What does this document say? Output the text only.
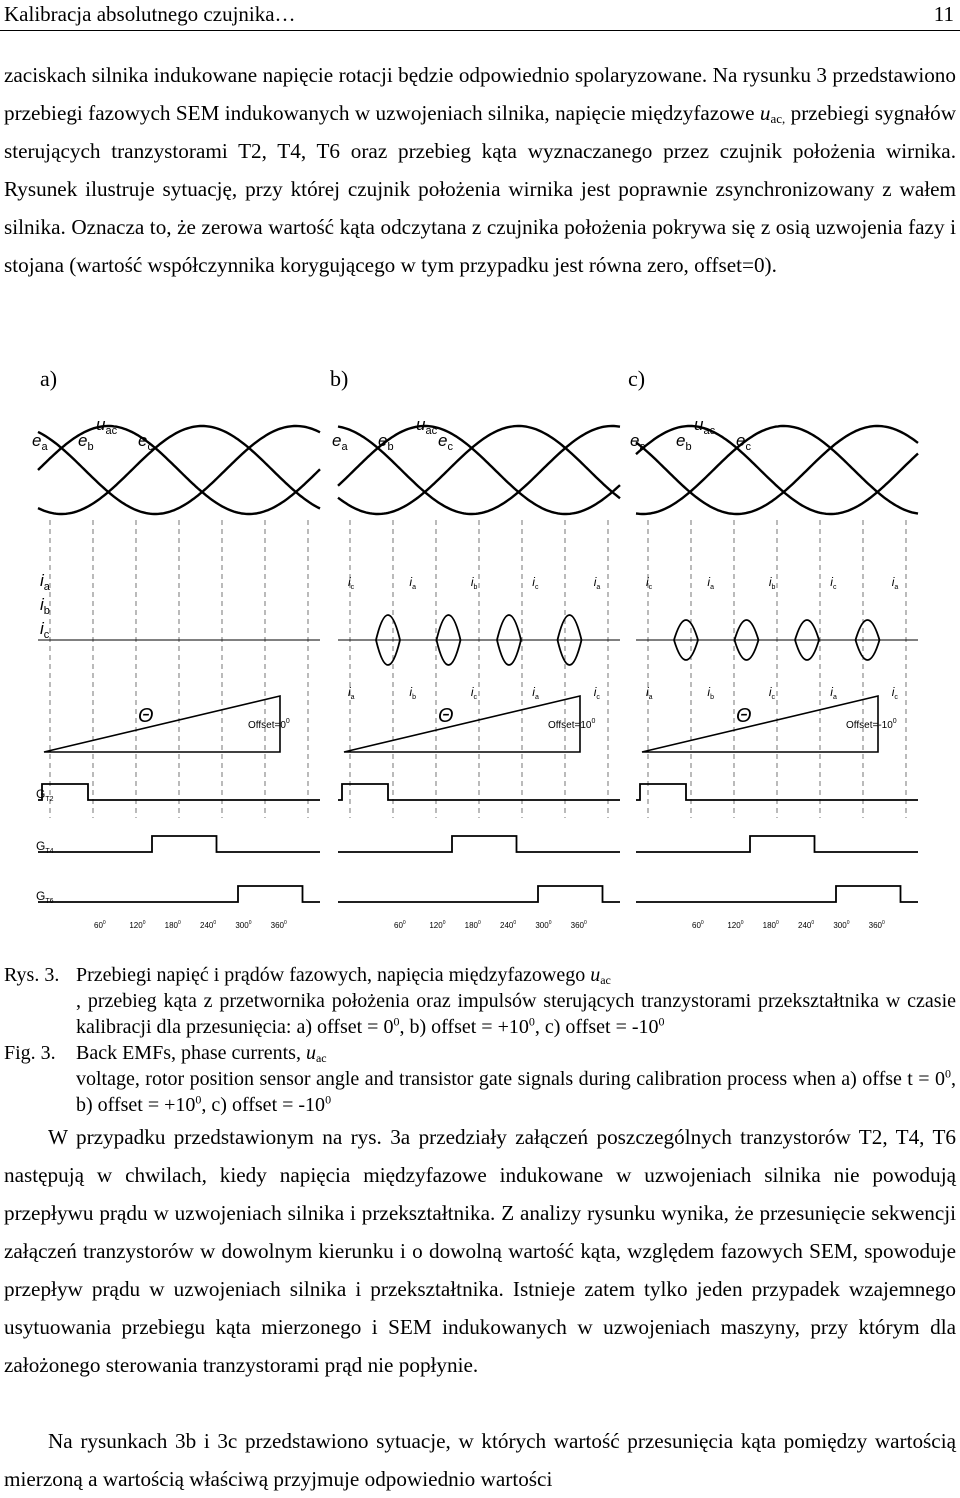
Kalibracja absolutnego czujnika…	11

zaciskach silnika indukowane napięcie rotacji będzie odpowiednio spolaryzowane. Na rysunku 3 przedstawiono przebiegi fazowych SEM indukowanych w uzwojeniach silnika, napięcie międzyfazowe $u_{ac,}$ przebiegi sygnałów sterujących tranzystorami T2, T4, T6 oraz przebieg kąta wyznaczanego przez czujnik położenia wirnika. Rysunek ilustruje sytuację, przy której czujnik położenia wirnika jest poprawnie zsynchronizowany z wałem silnika. Oznacza to, że zerowa wartość kąta odczytana z czujnika położenia pokrywa się z osią uzwojenia fazy i stojana (wartość współczynnika korygującego w tym przypadku jest równa zero, offset=0).

a)	b)	c)
$e_a$ $e_b$	$e_c$
$u_{ac}$
$i_a$
$i_b$
$i_c$
Θ	$Offset=0^0$
$G_{T2}$
$G_{T4}$
$G_{T6}$
$60^0$	$120^0$ $180^0$ $240^0$ $300^0$ $360^0$
$e_a$ $e_b$	$e_c$
$u_{ac}$
$i_c$
$i_a$
$i_a$
$i_b$
$i_b$
$i_c$
$i_c$
$i_a$
$i_a$
$i_c$
Θ	$Offset=10^0$
$60^0$	$120^0$ $180^0$ $240^0$ $300^0$ $360^0$
$e_a$ $e_b$	$e_c$
$u_{ac}$
$i_c$
$i_a$
$i_a$
$i_b$
$i_b$
$i_c$
$i_c$
$i_a$
$i_a$
$i_c$
Θ	$Offset=-10^0$
$60^0$	$120^0$ $180^0$ $240^0$ $300^0$ $360^0$
Rys. 3. Przebiegi napięć i prądów fazowych, napięcia międzyfazowego $u_{ac}$
, przebieg kąta z przetwornika położenia oraz impulsów sterujących tranzystorami przekształtnika w czasie kalibracji dla przesunięcia: a) offset = $0^0$, b) offset = $+10^0$, c) offset = $-10^0$
Fig. 3. Back EMFs, phase currents, $u_{ac}$
voltage, rotor position sensor angle and transistor gate signals during calibration process when a) offse $t = 0^0$, b) offset = $+10^0$, c) offset = $-10^0$

W przypadku przedstawionym na rys. 3a przedziały załączeń poszczególnych tranzystorów T2, T4, T6 następują w chwilach, kiedy napięcia międzyfazowe indukowane w uzwojeniach silnika nie powodują przepływu prądu w uzwojeniach silnika i przekształtnika. Z analizy rysunku wynika, że przesunięcie sekwencji załączeń tranzystorów w dowolnym kierunku i o dowolną wartość kąta, względem fazowych SEM, spowoduje przepływ prądu w uzwojeniach silnika i przekształtnika. Istnieje zatem tylko jeden przypadek wzajemnego usytuowania przebiegu kąta mierzonego i SEM indukowanych w uzwojeniach maszyny, przy którym dla założonego sterowania tranzystorami prąd nie popłynie.

Na rysunkach 3b i 3c przedstawiono sytuacje, w których wartość przesunięcia kąta pomiędzy wartością mierzoną a wartością właściwą przyjmuje odpowiednio wartości
